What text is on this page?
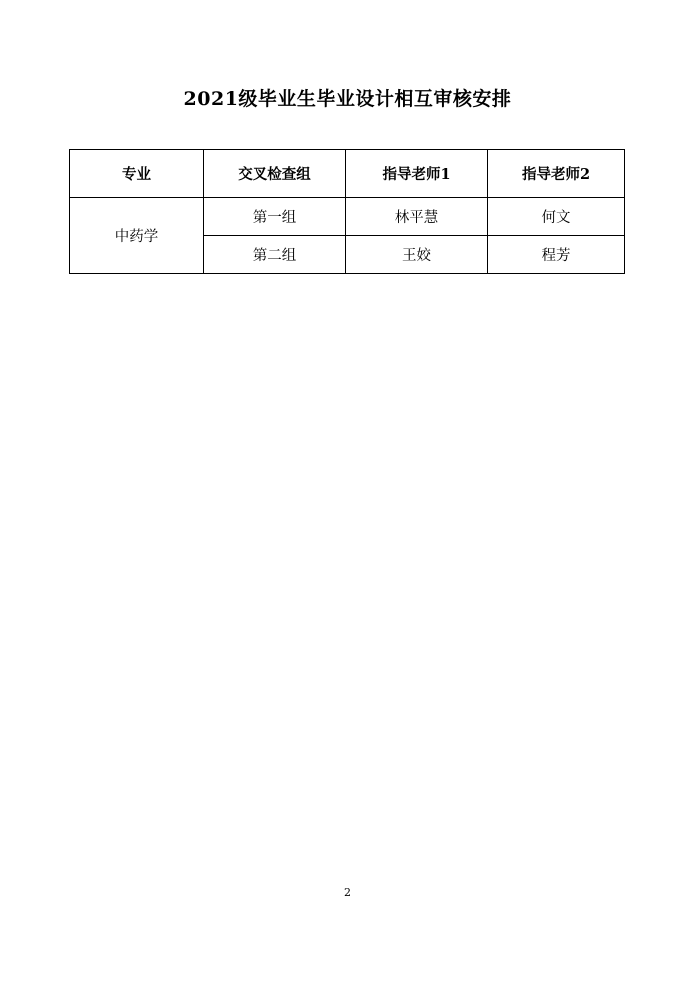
2021级毕业生毕业设计相互审核安排
专业	交叉检查组	指导老师1	指导老师2
中药学	第一组	林平慧	何文
	第二组	王姣	程芳
2
